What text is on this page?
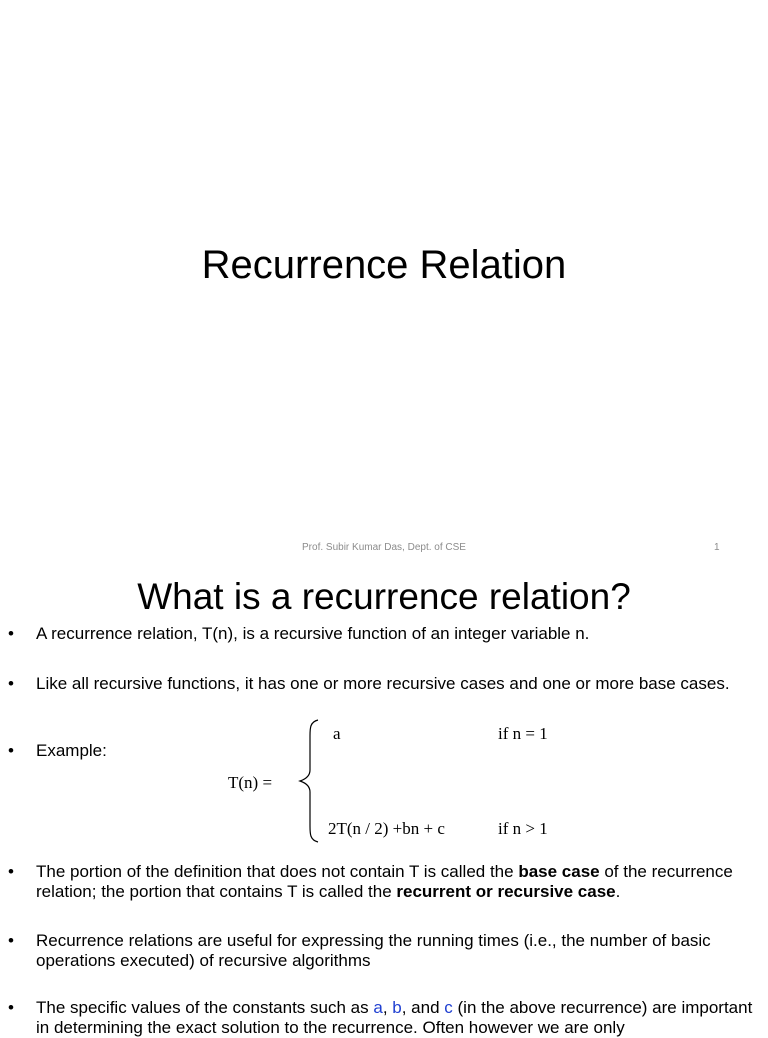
Recurrence Relation
Prof. Subir Kumar Das, Dept. of CSE	1
What is a recurrence relation?
• A recurrence relation, T(n), is a recursive function of an integer variable n.
• Like all recursive functions, it has one or more recursive cases and one or more base cases.
• Example:
T(n) =
a	if n = 1
2T(n / 2) +bn + c	if n > 1
• The portion of the definition that does not contain T is called the base case of the recurrence relation; the portion that contains T is called the recurrent or recursive case.
• Recurrence relations are useful for expressing the running times (i.e., the number of basic operations executed) of recursive algorithms
• The specific values of the constants such as a, b, and c (in the above recurrence) are important in determining the exact solution to the recurrence. Often however we are only
